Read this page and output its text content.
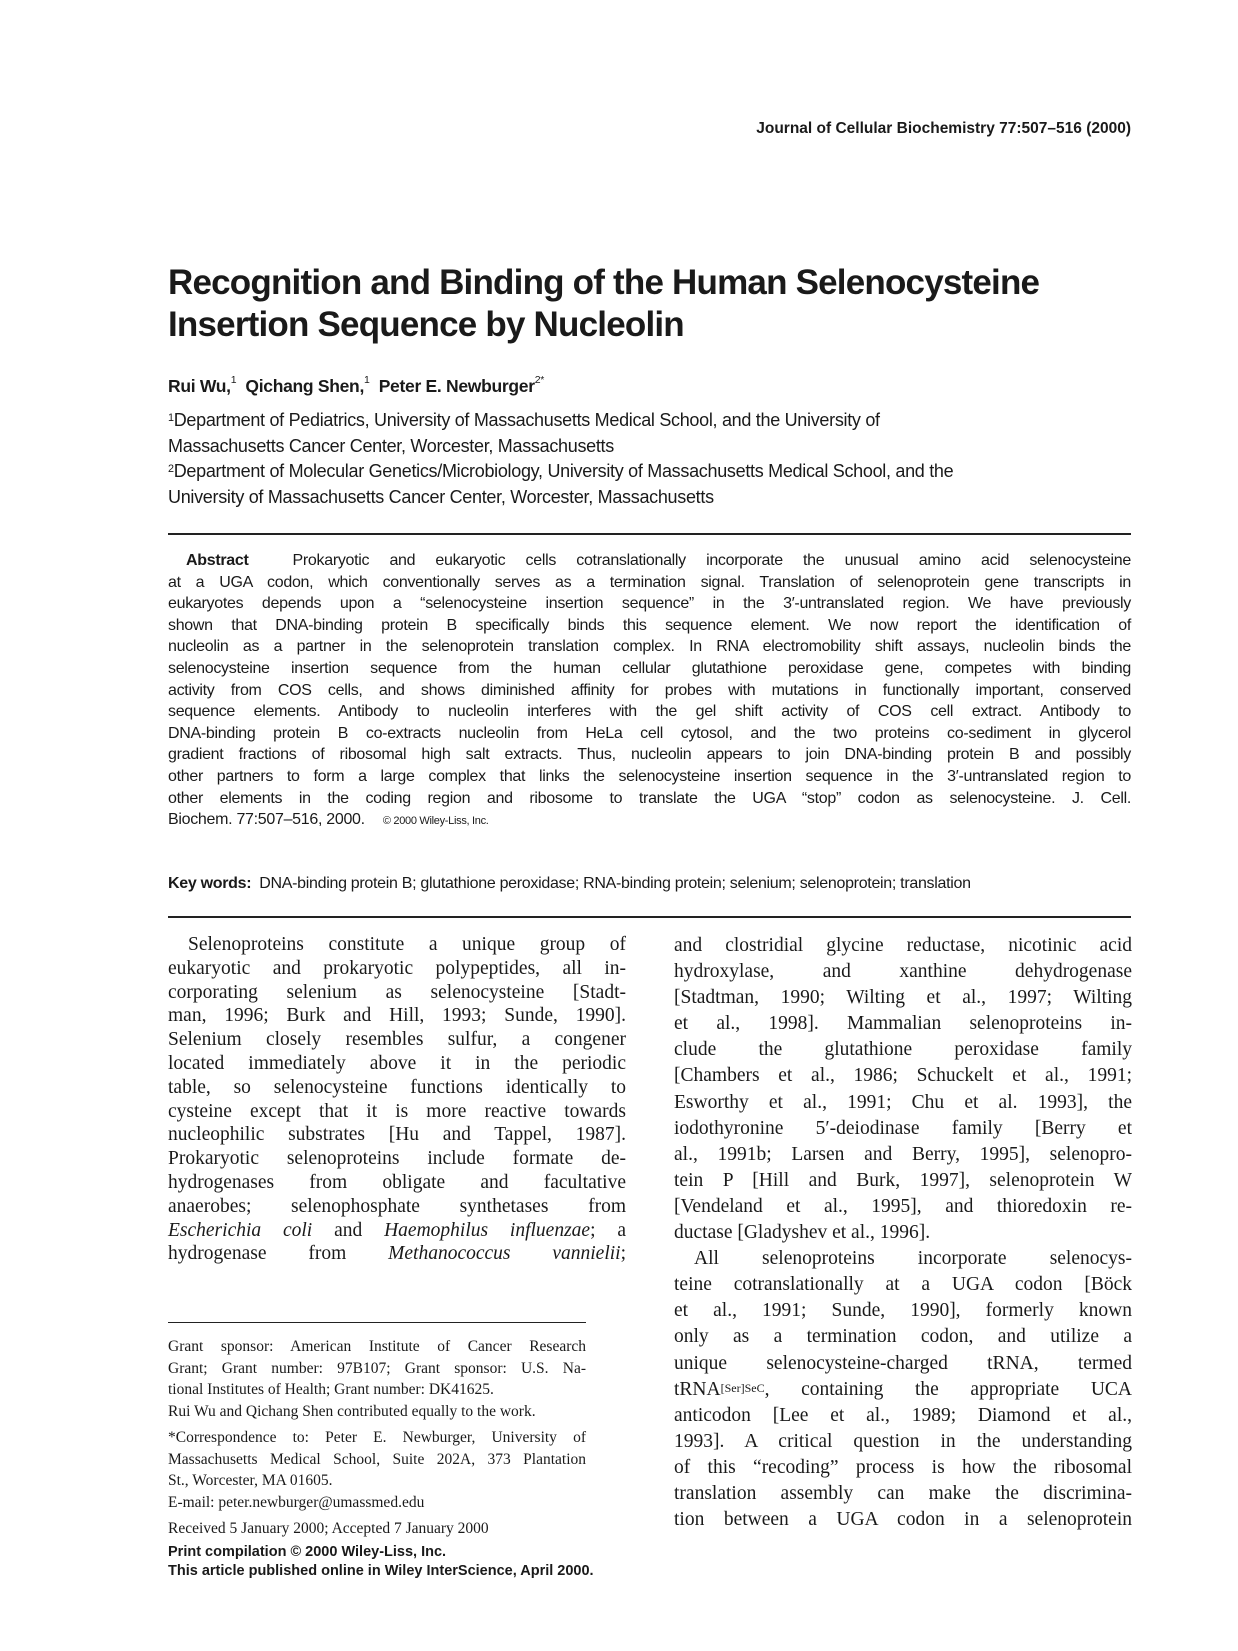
Journal of Cellular Biochemistry 77:507–516 (2000)
Recognition and Binding of the Human Selenocysteine
Insertion Sequence by Nucleolin
Rui Wu,$^1$ Qichang Shen,$^1$ Peter E. Newburger$^{2*}$
$^1$Department of Pediatrics, University of Massachusetts Medical School, and the University of
Massachusetts Cancer Center, Worcester, Massachusetts
$^2$Department of Molecular Genetics/Microbiology, University of Massachusetts Medical School, and the
University of Massachusetts Cancer Center, Worcester, Massachusetts
Abstract	Prokaryotic and eukaryotic cells cotranslationally incorporate the unusual amino acid selenocysteine
at a UGA codon, which conventionally serves as a termination signal. Translation of selenoprotein gene transcripts in
eukaryotes depends upon a “selenocysteine insertion sequence” in the 3′-untranslated region. We have previously
shown that DNA-binding protein B specifically binds this sequence element. We now report the identification of
nucleolin as a partner in the selenoprotein translation complex. In RNA electromobility shift assays, nucleolin binds the
selenocysteine insertion sequence from the human cellular glutathione peroxidase gene, competes with binding
activity from COS cells, and shows diminished affinity for probes with mutations in functionally important, conserved
sequence elements. Antibody to nucleolin interferes with the gel shift activity of COS cell extract. Antibody to
DNA-binding protein B co-extracts nucleolin from HeLa cell cytosol, and the two proteins co-sediment in glycerol
gradient fractions of ribosomal high salt extracts. Thus, nucleolin appears to join DNA-binding protein B and possibly
other partners to form a large complex that links the selenocysteine insertion sequence in the 3′-untranslated region to
other elements in the coding region and ribosome to translate the UGA “stop” codon as selenocysteine. J. Cell.
Biochem. 77:507–516, 2000. © 2000 Wiley-Liss, Inc.
Key words: DNA-binding protein B; glutathione peroxidase; RNA-binding protein; selenium; selenoprotein; translation
Selenoproteins constitute a unique group of
eukaryotic and prokaryotic polypeptides, all in-
corporating selenium as selenocysteine [Stadt-
man, 1996; Burk and Hill, 1993; Sunde, 1990].
Selenium closely resembles sulfur, a congener
located immediately above it in the periodic
table, so selenocysteine functions identically to
cysteine except that it is more reactive towards
nucleophilic substrates [Hu and Tappel, 1987].
Prokaryotic selenoproteins include formate de-
hydrogenases from obligate and facultative
anaerobes; selenophosphate synthetases from
Escherichia coli and Haemophilus influenzae; a
hydrogenase from Methanococcus vannielii;
and clostridial glycine reductase, nicotinic acid
hydroxylase, and xanthine dehydrogenase
[Stadtman, 1990; Wilting et al., 1997; Wilting
et al., 1998]. Mammalian selenoproteins in-
clude the glutathione peroxidase family
[Chambers et al., 1986; Schuckelt et al., 1991;
Esworthy et al., 1991; Chu et al. 1993], the
iodothyronine 5′-deiodinase family [Berry et
al., 1991b; Larsen and Berry, 1995], selenopro-
tein P [Hill and Burk, 1997], selenoprotein W
[Vendeland et al., 1995], and thioredoxin re-
ductase [Gladyshev et al., 1996].
All selenoproteins incorporate selenocys-
teine cotranslationally at a UGA codon [Böck
et al., 1991; Sunde, 1990], formerly known
only as a termination codon, and utilize a
unique selenocysteine-charged tRNA, termed
tRNA$^{[Ser]SeC}$, containing the appropriate UCA
anticodon [Lee et al., 1989; Diamond et al.,
1993]. A critical question in the understanding
of this “recoding” process is how the ribosomal
translation assembly can make the discrimina-
tion between a UGA codon in a selenoprotein
Grant sponsor: American Institute of Cancer Research
Grant; Grant number: 97B107; Grant sponsor: U.S. Na-
tional Institutes of Health; Grant number: DK41625.
Rui Wu and Qichang Shen contributed equally to the work.
*Correspondence to: Peter E. Newburger, University of
Massachusetts Medical School, Suite 202A, 373 Plantation
St., Worcester, MA 01605.
E-mail: peter.newburger@umassmed.edu
Received 5 January 2000; Accepted 7 January 2000
Print compilation © 2000 Wiley-Liss, Inc.
This article published online in Wiley InterScience, April 2000.
